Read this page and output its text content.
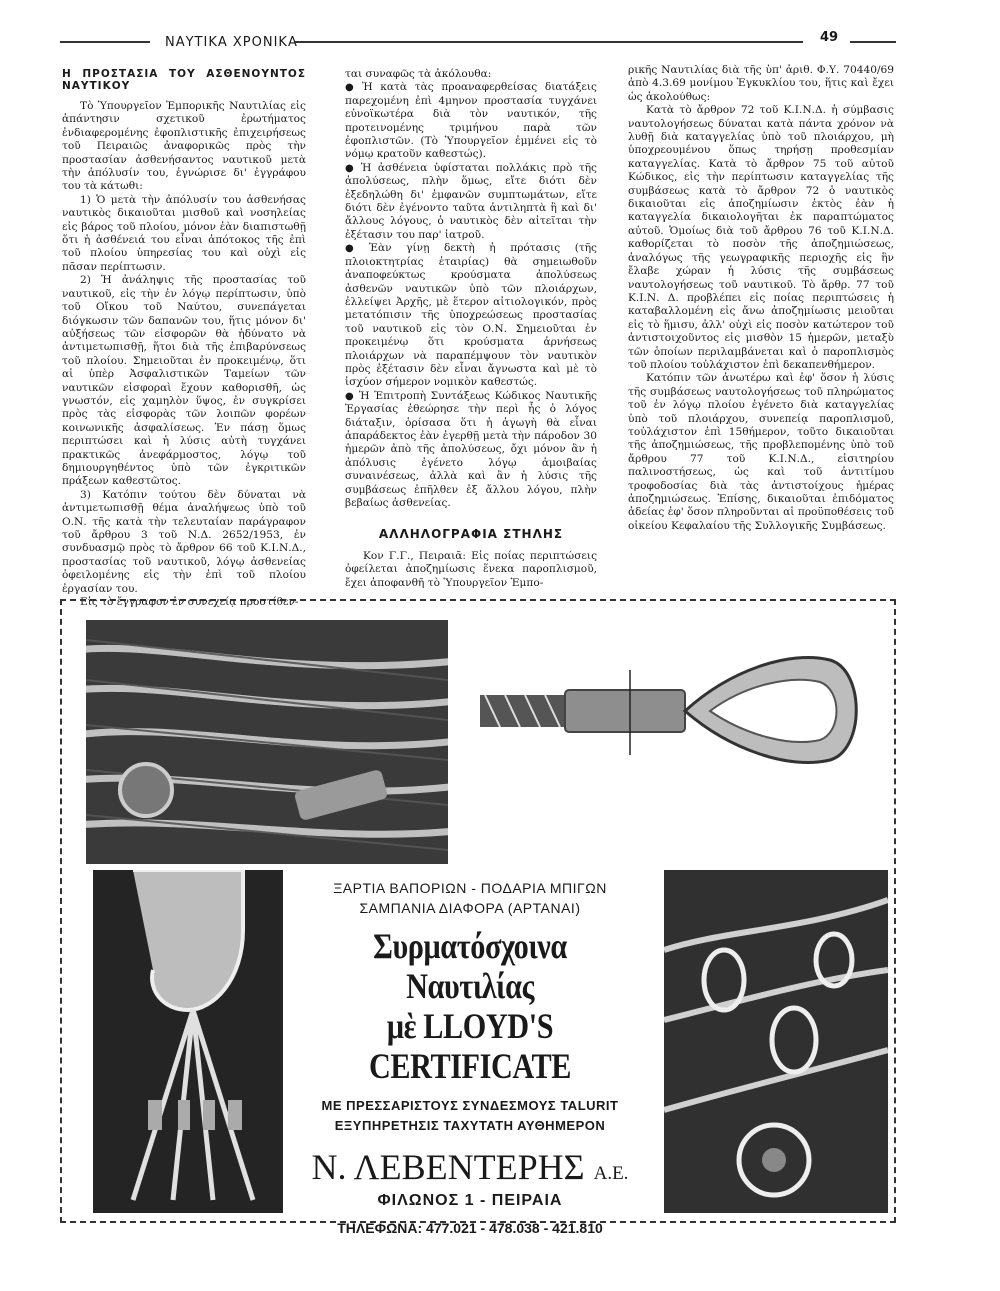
ΝΑΥΤΙΚΑ ΧΡΟΝΙΚΑ	49
Η ΠΡΟΣΤΑΣΙΑ ΤΟΥ ΑΣΘΕΝΟΥΝΤΟΣ ΝΑΥΤΙΚΟΥ

Τὸ Ὑπουργεῖον Ἐμπορικῆς Ναυτιλίας εἰς ἀπάντησιν σχετικοῦ ἐρωτήματος ἐνδιαφερομένης ἐφοπλιστικῆς ἐπιχειρήσεως τοῦ Πειραιῶς ἀναφορικῶς πρὸς τὴν προστασίαν ἀσθενήσαντος ναυτικοῦ μετὰ τὴν ἀπόλυσίν του, ἐγνώρισε δι' ἐγγράφου του τὰ κάτωθι:

1) Ὁ μετὰ τὴν ἀπόλυσίν του ἀσθενήσας ναυτικὸς δικαιοῦται μισθοῦ καὶ νοσηλείας εἰς βάρος τοῦ πλοίου, μόνον ἐὰν διαπιστωθῇ ὅτι ἡ ἀσθένειά του εἶναι ἀπότοκος τῆς ἐπὶ τοῦ πλοίου ὑπηρεσίας του καὶ οὐχὶ εἰς πᾶσαν περίπτωσιν.

2) Ἡ ἀνάληψις τῆς προστασίας τοῦ ναυτικοῦ, εἰς τὴν ἐν λόγῳ περίπτωσιν, ὑπὸ τοῦ Οἴκου τοῦ Ναύτου, συνεπάγεται διόγκωσιν τῶν δαπανῶν του, ἥτις μόνον δι' αὐξήσεως τῶν εἰσφορῶν θὰ ἠδύνατο νὰ ἀντιμετωπισθῇ, ἥτοι διὰ τῆς ἐπιβαρύνσεως τοῦ πλοίου. Σημειοῦται ἐν προκειμένῳ, ὅτι αἱ ὑπὲρ Ἀσφαλιστικῶν Ταμείων τῶν ναυτικῶν εἰσφοραὶ ἔχουν καθορισθῆ, ὡς γνωστόν, εἰς χαμηλὸν ὕψος, ἐν συγκρίσει πρὸς τὰς εἰσφορὰς τῶν λοιπῶν φορέων κοινωνικῆς ἀσφαλίσεως. Ἐν πάσῃ ὅμως περιπτώσει καὶ ἡ λύσις αὐτὴ τυγχάνει πρακτικῶς ἀνεφάρμοστος, λόγῳ τοῦ δημιουργηθέντος ὑπὸ τῶν ἐγκριτικῶν πράξεων καθεστῶτος.

3) Κατόπιν τούτου δὲν δύναται νὰ ἀντιμετωπισθῇ θέμα ἀναλήψεως ὑπὸ τοῦ Ο.Ν. τῆς κατὰ τὴν τελευταίαν παράγραφον τοῦ ἄρθρου 3 τοῦ Ν.Δ. 2652/1953, ἐν συνδυασμῷ πρὸς τὸ ἄρθρον 66 τοῦ Κ.Ι.Ν.Δ., προστασίας τοῦ ναυτικοῦ, λόγῳ ἀσθενείας ὀφειλομένης εἰς τὴν ἐπὶ τοῦ πλοίου ἐργασίαν του.

Εἰς τὸ ἔγγραφον ἐν συνεχείᾳ προστίθεν-

ται συναφῶς τὰ ἀκόλουθα:

● Ἡ κατὰ τὰς προαναφερθείσας διατάξεις παρεχομένη ἐπὶ 4μηνον προστασία τυγχάνει εὐνοϊκωτέρα διὰ τὸν ναυτικόν, τῆς προτεινομένης τριμήνου παρὰ τῶν ἐφοπλιστῶν. (Τὸ Ὑπουργεῖον ἐμμένει εἰς τὸ νόμῳ κρατοῦν καθεστώς).

● Ἡ ἀσθένεια ὑφίσταται πολλάκις πρὸ τῆς ἀπολύσεως, πλὴν ὅμως, εἴτε διότι δὲν ἐξεδηλώθη δι' ἐμφανῶν συμπτωμάτων, εἴτε διότι δὲν ἐγένοντο ταῦτα ἀντιληπτὰ ἢ καὶ δι' ἄλλους λόγους, ὁ ναυτικὸς δὲν αἰτεῖται τὴν ἐξέτασιν του παρ' ἰατροῦ.

● Ἐὰν γίνῃ δεκτὴ ἡ πρότασις (τῆς πλοιοκτητρίας ἑταιρίας) θὰ σημειωθοῦν ἀναποφεύκτως κρούσματα ἀπολύσεως ἀσθενῶν ναυτικῶν ὑπὸ τῶν πλοιάρχων, ἐλλείψει Ἀρχῆς, μὲ ἕτερον αἰτιολογικόν, πρὸς μετατόπισιν τῆς ὑποχρεώσεως προστασίας τοῦ ναυτικοῦ εἰς τὸν Ο.Ν. Σημειοῦται ἐν προκειμένῳ ὅτι κρούσματα ἀρνήσεως πλοιάρχων νὰ παραπέμψουν τὸν ναυτικὸν πρὸς ἐξέτασιν δὲν εἶναι ἄγνωστα καὶ μὲ τὸ ἰσχύον σήμερον νομικὸν καθεστώς.

● Ἡ Ἐπιτροπὴ Συντάξεως Κώδικος Ναυτικῆς Ἐργασίας ἐθεώρησε τὴν περὶ ἧς ὁ λόγος διάταξιν, ὁρίσασα ὅτι ἡ ἀγωγὴ θὰ εἶναι ἀπαράδεκτος ἐὰν ἐγερθῇ μετὰ τὴν πάροδον 30 ἡμερῶν ἀπὸ τῆς ἀπολύσεως, ὄχι μόνον ἂν ἡ ἀπόλυσις ἐγένετο λόγῳ ἀμοιβαίας συναινέσεως, ἀλλὰ καὶ ἂν ἡ λύσις τῆς συμβάσεως ἐπῆλθεν ἐξ ἄλλου λόγου, πλὴν βεβαίως ἀσθενείας.

ΑΛΛΗΛΟΓΡΑΦΙΑ ΣΤΗΛΗΣ

Κον Γ.Γ., Πειραιᾶ: Εἰς ποίας περιπτώσεις ὀφείλεται ἀποζημίωσις ἕνεκα παροπλισμοῦ, ἔχει ἀποφανθῆ τὸ Ὑπουργεῖον Ἐμπο-

ρικῆς Ναυτιλίας διὰ τῆς ὑπ' ἀριθ. Φ.Υ. 70440/69 ἀπὸ 4.3.69 μονίμου Ἐγκυκλίου του, ἥτις καὶ ἔχει ὡς ἀκολούθως:

Κατὰ τὸ ἄρθρον 72 τοῦ Κ.Ι.Ν.Δ. ἡ σύμβασις ναυτολογήσεως δύναται κατὰ πάντα χρόνον νὰ λυθῇ διὰ καταγγελίας ὑπὸ τοῦ πλοιάρχου, μὴ ὑποχρεουμένου ὅπως τηρήσῃ προθεσμίαν καταγγελίας. Κατὰ τὸ ἄρθρον 75 τοῦ αὐτοῦ Κώδικος, εἰς τὴν περίπτωσιν καταγγελίας τῆς συμβάσεως κατὰ τὸ ἄρθρον 72 ὁ ναυτικὸς δικαιοῦται εἰς ἀποζημίωσιν ἐκτὸς ἐὰν ἡ καταγγελία δικαιολογῆται ἐκ παραπτώματος αὐτοῦ. Ὁμοίως διὰ τοῦ ἄρθρου 76 τοῦ Κ.Ι.Ν.Δ. καθορίζεται τὸ ποσὸν τῆς ἀποζημιώσεως, ἀναλόγως τῆς γεωγραφικῆς περιοχῆς εἰς ἣν ἔλαβε χώραν ἡ λύσις τῆς συμβάσεως ναυτολογήσεως τοῦ ναυτικοῦ. Τὸ ἄρθρ. 77 τοῦ Κ.Ι.Ν. Δ. προβλέπει εἰς ποίας περιπτώσεις ἡ καταβαλλομένη εἰς ἄνω ἀποζημίωσις μειοῦται εἰς τὸ ἥμισυ, ἀλλ' οὐχὶ εἰς ποσὸν κατώτερον τοῦ ἀντιστοιχοῦντος εἰς μισθὸν 15 ἡμερῶν, μεταξὺ τῶν ὁποίων περιλαμβάνεται καὶ ὁ παροπλισμὸς τοῦ πλοίου τοὐλάχιστον ἐπὶ δεκαπενθήμερον.

Κατόπιν τῶν ἀνωτέρω καὶ ἐφ' ὅσον ἡ λύσις τῆς συμβάσεως ναυτολογήσεως τοῦ πληρώματος τοῦ ἐν λόγῳ πλοίου ἐγένετο διὰ καταγγελίας ὑπὸ τοῦ πλοιάρχου, συνεπείᾳ παροπλισμοῦ, τοὐλάχιστον ἐπὶ 15θήμερον, τοῦτο δικαιοῦται τῆς ἀποζημιώσεως, τῆς προβλεπομένης ὑπὸ τοῦ ἄρθρου 77 τοῦ Κ.Ι.Ν.Δ., εἰσιτηρίου παλινοστήσεως, ὡς καὶ τοῦ ἀντιτίμου τροφοδοσίας διὰ τὰς ἀντιστοίχους ἡμέρας ἀποζημιώσεως. Ἐπίσης, δικαιοῦται ἐπιδόματος ἀδείας ἐφ' ὅσον πληροῦνται αἱ προϋποθέσεις τοῦ οἰκείου Κεφαλαίου τῆς Συλλογικῆς Συμβάσεως.

ΞΑΡΤΙΑ ΒΑΠΟΡΙΩΝ - ΠΟΔΑΡΙΑ ΜΠΙΓΩΝ
ΣΑΜΠΑΝΙΑ ΔΙΑΦΟΡΑ (ΑΡΤΑΝΑΙ)
Συρματόσχοινα Ναυτιλίας
μὲ LLOYD'S CERTIFICATE
ΜΕ ΠΡΕΣΣΑΡΙΣΤΟΥΣ ΣΥΝΔΕΣΜΟΥΣ TALURIT
ΕΞΥΠΗΡΕΤΗΣΙΣ ΤΑΧΥΤΑΤΗ ΑΥΘΗΜΕΡΟΝ
Ν. ΛΕΒΕΝΤΕΡΗΣ Α.Ε.
ΦΙΛΩΝΟΣ 1 - ΠΕΙΡΑΙΑ
ΤΗΛΕΦΩΝΑ: 477.021 - 478.038 - 421.810
